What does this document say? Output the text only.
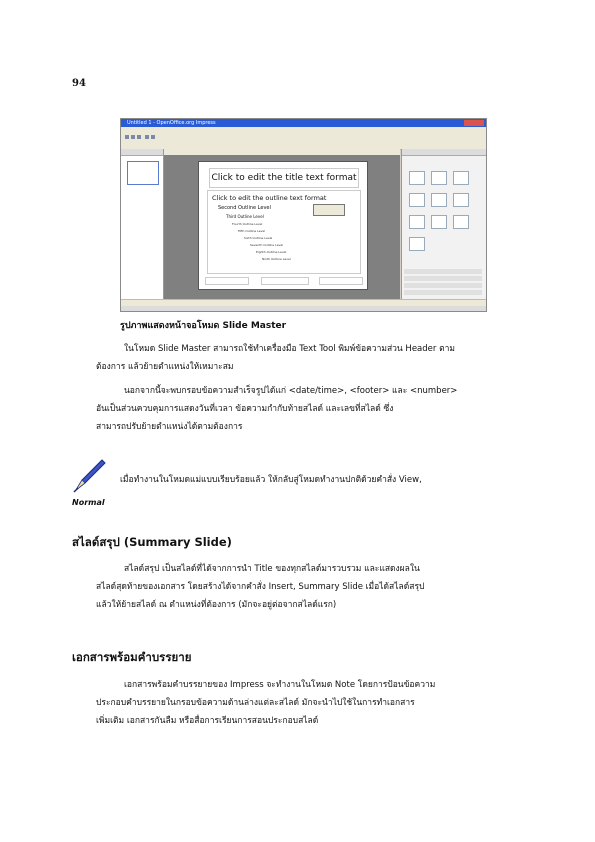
94
Untitled 1 - OpenOffice.org Impress
Click to edit the title text format
Click to edit the outline text format
Second Outline Level
Third Outline Level
Fourth Outline Level
Fifth Outline Level
Sixth Outline Level
Seventh Outline Level
Eighth Outline Level
Ninth Outline Level
รูปภาพแสดงหน้าจอโหมด Slide Master
ในโหมด Slide Master สามารถใช้ทำเครื่องมือ Text Tool พิมพ์ข้อความส่วน Header ตาม
ต้องการ แล้วย้ายตำแหน่งให้เหมาะสม
นอกจากนี้จะพบกรอบข้อความสำเร็จรูปได้แก่ <date/time>, <footer> และ <number>
อันเป็นส่วนควบคุมการแสดงวันที่เวลา ข้อความกำกับท้ายสไลด์ และเลขที่สไลด์ ซึ่ง
สามารถปรับย้ายตำแหน่งได้ตามต้องการ
เมื่อทำงานในโหมดแม่แบบเรียบร้อยแล้ว ให้กลับสู่โหมดทำงานปกติด้วยคำสั่ง View,
Normal
สไลด์สรุป (Summary Slide)
สไลด์สรุป เป็นสไลด์ที่ได้จากการนำ Title ของทุกสไลด์มารวบรวม และแสดงผลใน
สไลด์สุดท้ายของเอกสาร โดยสร้างได้จากคำสั่ง Insert, Summary Slide เมื่อได้สไลด์สรุป
แล้วให้ย้ายสไลด์ ณ ตำแหน่งที่ต้องการ (มักจะอยู่ต่อจากสไลด์แรก)
เอกสารพร้อมคำบรรยาย
เอกสารพร้อมคำบรรยายของ Impress จะทำงานในโหมด Note โดยการป้อนข้อความ
ประกอบคำบรรยายในกรอบข้อความด้านล่างแต่ละสไลด์ มักจะนำไปใช้ในการทำเอกสาร
เพิ่มเติม เอกสารกันลืม หรือสื่อการเรียนการสอนประกอบสไลด์
